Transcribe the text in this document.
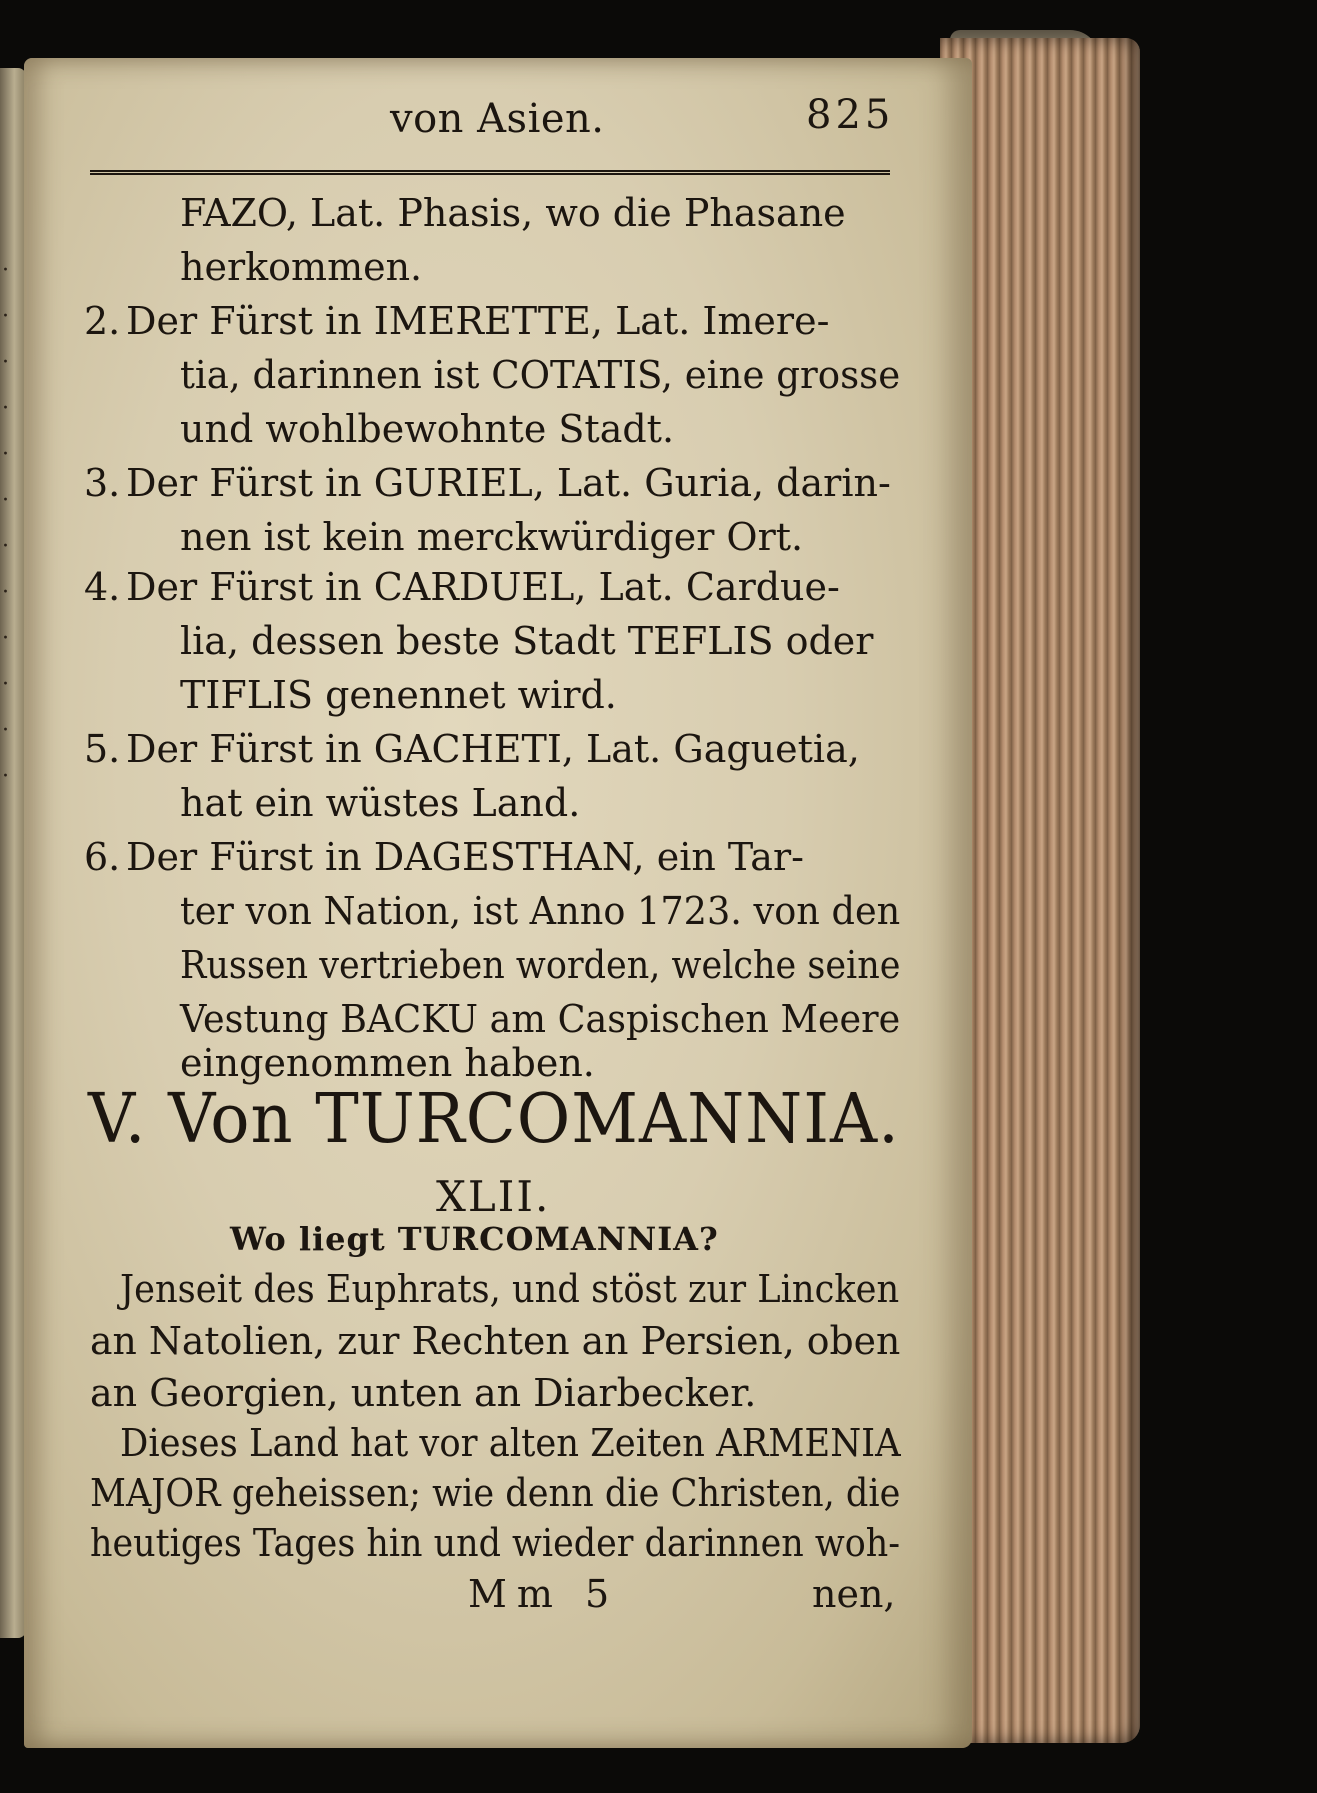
·
·
·
·
·
·
·
·
·
·
·
·
von Asien.	825
FAZO, Lat. Phasis, wo die Phasane
herkommen.
2. Der Fürst in IMERETTE, Lat. Imere-
tia, darinnen ist COTATIS, eine grosse
und wohlbewohnte Stadt.
3. Der Fürst in GURIEL, Lat. Guria, darin-
nen ist kein merckwürdiger Ort.
4. Der Fürst in CARDUEL, Lat. Cardue-
lia, dessen beste Stadt TEFLIS oder
TIFLIS genennet wird.
5. Der Fürst in GACHETI, Lat. Gaguetia,
hat ein wüstes Land.
6. Der Fürst in DAGESTHAN, ein Tar-
ter von Nation, ist Anno 1723. von den
Russen vertrieben worden, welche seine
Vestung BACKU am Caspischen Meere
eingenommen haben.
V. Von TURCOMANNIA.
XLII.
Wo liegt TURCOMANNIA?
Jenseit des Euphrats, und stöst zur Lincken
an Natolien, zur Rechten an Persien, oben
an Georgien, unten an Diarbecker.
Dieses Land hat vor alten Zeiten ARMENIA
MAJOR geheissen; wie denn die Christen, die
heutiges Tages hin und wieder darinnen woh-
Mm 5	nen,
